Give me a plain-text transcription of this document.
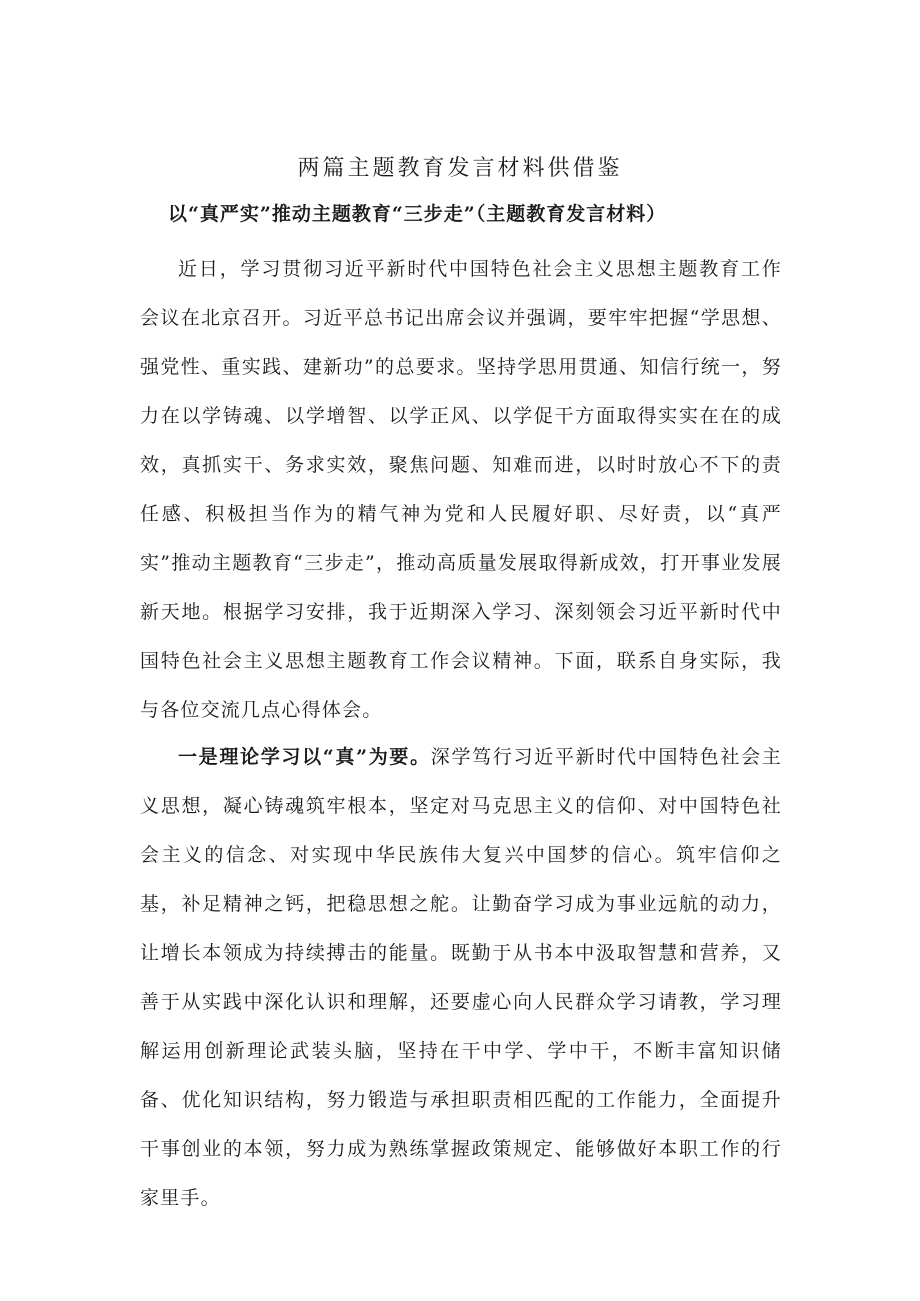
两篇主题教育发言材料供借鉴
以“真严实”推动主题教育“三步走”（主题教育发言材料）

近日，学习贯彻习近平新时代中国特色社会主义思想主题教育工作会议在北京召开。习近平总书记出席会议并强调，要牢牢把握“学思想、强党性、重实践、建新功”的总要求。坚持学思用贯通、知信行统一，努力在以学铸魂、以学增智、以学正风、以学促干方面取得实实在在的成效，真抓实干、务求实效，聚焦问题、知难而进，以时时放心不下的责任感、积极担当作为的精气神为党和人民履好职、尽好责，以“真严实”推动主题教育“三步走”，推动高质量发展取得新成效，打开事业发展新天地。根据学习安排，我于近期深入学习、深刻领会习近平新时代中国特色社会主义思想主题教育工作会议精神。下面，联系自身实际，我与各位交流几点心得体会。

一是理论学习以“真”为要。深学笃行习近平新时代中国特色社会主义思想，凝心铸魂筑牢根本，坚定对马克思主义的信仰、对中国特色社会主义的信念、对实现中华民族伟大复兴中国梦的信心。筑牢信仰之基，补足精神之钙，把稳思想之舵。让勤奋学习成为事业远航的动力，让增长本领成为持续搏击的能量。既勤于从书本中汲取智慧和营养，又善于从实践中深化认识和理解，还要虚心向人民群众学习请教，学习理解运用创新理论武装头脑，坚持在干中学、学中干，不断丰富知识储备、优化知识结构，努力锻造与承担职责相匹配的工作能力，全面提升干事创业的本领，努力成为熟练掌握政策规定、能够做好本职工作的行家里手。
